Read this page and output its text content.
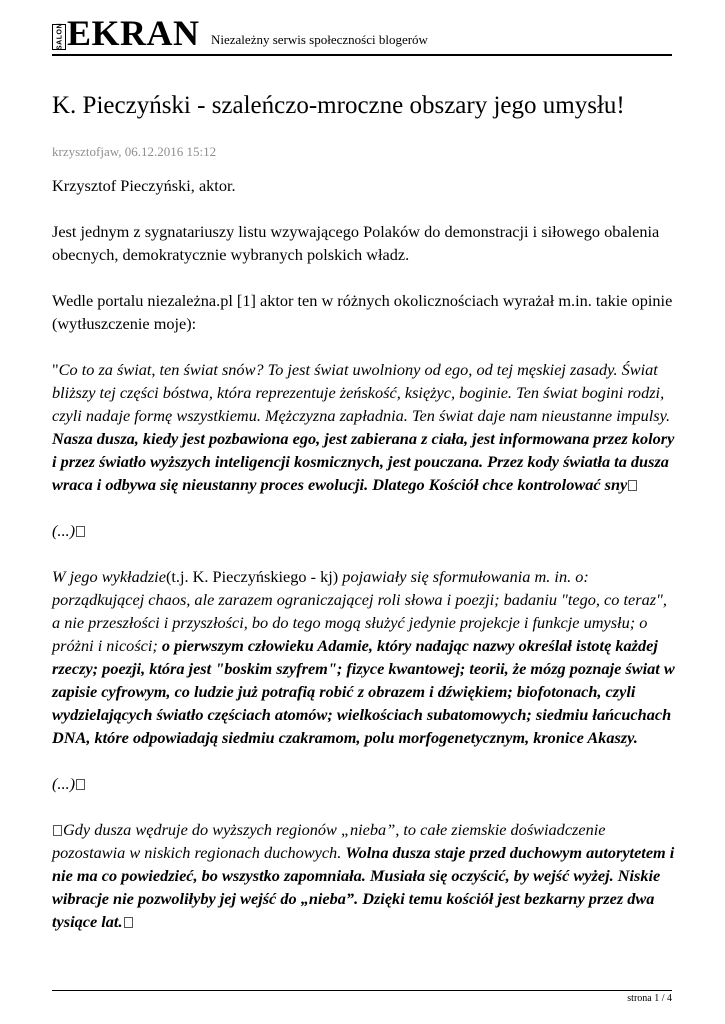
SALON EKRAN Niezależny serwis społeczności blogerów
K. Pieczyński - szaleńczo-mroczne obszary jego umysłu!
krzysztofjaw, 06.12.2016 15:12

Krzysztof Pieczyński, aktor.

Jest jednym z sygnatariuszy listu wzywającego Polaków do demonstracji i siłowego obalenia obecnych, demokratycznie wybranych polskich władz.

Wedle portalu niezależna.pl [1] aktor ten w różnych okolicznościach wyrażał m.in. takie opinie (wytłuszczenie moje):

"Co to za świat, ten świat snów? To jest świat uwolniony od ego, od tej męskiej zasady. Świat bliższy tej części bóstwa, która reprezentuje żeńskość, księżyc, boginie. Ten świat bogini rodzi, czyli nadaje formę wszystkiemu. Mężczyzna zapładnia. Ten świat daje nam nieustanne impulsy. Nasza dusza, kiedy jest pozbawiona ego, jest zabierana z ciała, jest informowana przez kolory i przez światło wyższych inteligencji kosmicznych, jest pouczana. Przez kody światła ta dusza wraca i odbywa się nieustanny proces ewolucji. Dlatego Kościół chce kontrolować sny

(...)

W jego wykładzie(t.j. K. Pieczyńskiego - kj) pojawiały się sformułowania m. in. o: porządkującej chaos, ale zarazem ograniczającej roli słowa i poezji; badaniu "tego, co teraz", a nie przeszłości i przyszłości, bo do tego mogą służyć jedynie projekcje i funkcje umysłu; o próżni i nicości; o pierwszym człowieku Adamie, który nadając nazwy określał istotę każdej rzeczy; poezji, która jest "boskim szyfrem"; fizyce kwantowej; teorii, że mózg poznaje świat w zapisie cyfrowym, co ludzie już potrafią robić z obrazem i dźwiękiem; biofotonach, czyli wydzielających światło częściach atomów; wielkościach subatomowych; siedmiu łańcuchach DNA, które odpowiadają siedmiu czakramom, polu morfogenetycznym, kronice Akaszy.

(...)

Gdy dusza wędruje do wyższych regionów „nieba”, to całe ziemskie doświadczenie pozostawia w niskich regionach duchowych. Wolna dusza staje przed duchowym autorytetem i nie ma co powiedzieć, bo wszystko zapomniała. Musiała się oczyścić, by wejść wyżej. Niskie wibracje nie pozwoliłyby jej wejść do „nieba”. Dzięki temu kościół jest bezkarny przez dwa tysiące lat.

strona 1 / 4
